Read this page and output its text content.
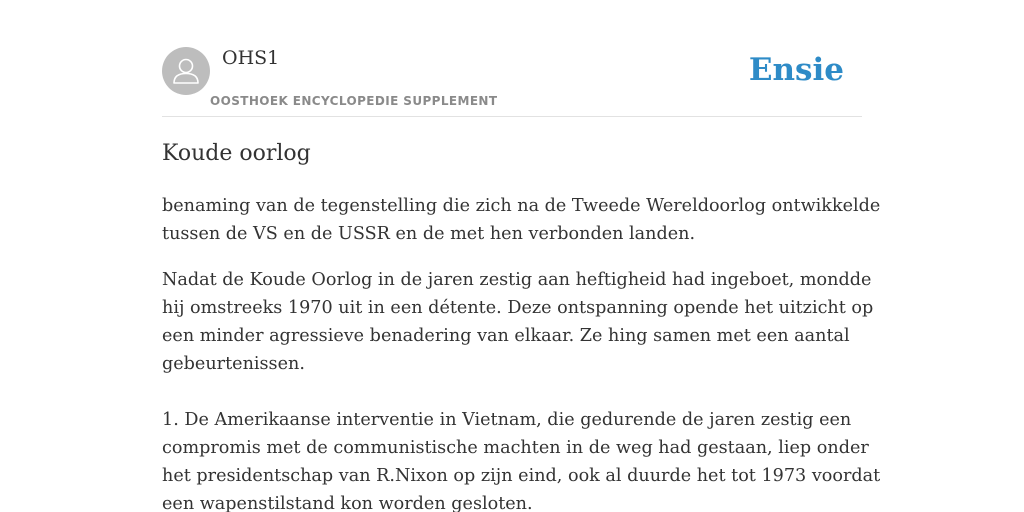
OHS1
OOSTHOEK ENCYCLOPEDIE SUPPLEMENT
Ensie
Koude oorlog

benaming van de tegenstelling die zich na de Tweede Wereldoorlog ontwikkelde
tussen de VS en de USSR en de met hen verbonden landen.

Nadat de Koude Oorlog in de jaren zestig aan heftigheid had ingeboet, mondde
hij omstreeks 1970 uit in een détente. Deze ontspanning opende het uitzicht op
een minder agressieve benadering van elkaar. Ze hing samen met een aantal
gebeurtenissen.

1. De Amerikaanse interventie in Vietnam, die gedurende de jaren zestig een
compromis met de communistische machten in de weg had gestaan, liep onder
het presidentschap van R.Nixon op zijn eind, ook al duurde het tot 1973 voordat
een wapenstilstand kon worden gesloten.
